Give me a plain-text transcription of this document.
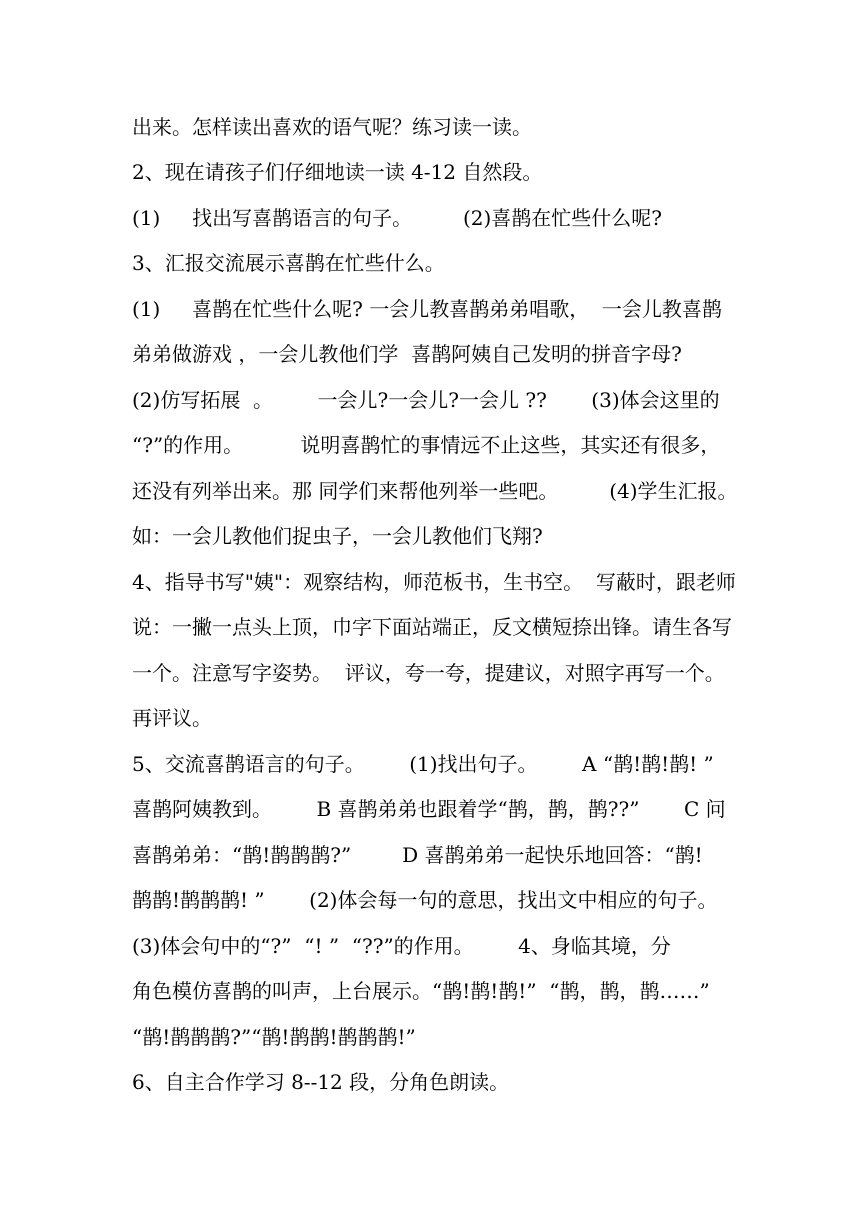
出来。怎样读出喜欢的语气呢？练习读一读。
2、现在请孩子们仔细地读一读 4-12 自然段。
(1)     找出写喜鹊语言的句子。        (2)喜鹊在忙些什么呢?
3、汇报交流展示喜鹊在忙些什么。
(1)     喜鹊在忙些什么呢? 一会儿教喜鹊弟弟唱歌，  一会儿教喜鹊
弟弟做游戏 ，一会儿教他们学  喜鹊阿姨自己发明的拼音字母?
(2)仿写拓展  。       一会儿?一会儿?一会儿 ??       (3)体会这里的
“?”的作用。         说明喜鹊忙的事情远不止这些，其实还有很多，
还没有列举出来。那 同学们来帮他列举一些吧。        (4)学生汇报。
如：一会儿教他们捉虫子，一会儿教他们飞翔?
4、指导书写"姨"：观察结构，师范板书，生书空。  写蔽时，跟老师
说：一撇一点头上顶，巾字下面站端正，反文横短捺出锋。请生各写
一个。注意写字姿势。  评议，夸一夸，提建议，对照字再写一个。
再评议。
5、交流喜鹊语言的句子。       (1)找出句子。       A “鹊!鹊!鹊! ”
喜鹊阿姨教到。       B 喜鹊弟弟也跟着学“鹊，鹊，鹊??”       C 问
喜鹊弟弟：“鹊!鹊鹊鹊?”        D 喜鹊弟弟一起快乐地回答：“鹊!
鹊鹊!鹊鹊鹊! ”       (2)体会每一句的意思，找出文中相应的句子。
(3)体会句中的“?”  “! ”  “??”的作用。       4、身临其境，分
角色模仿喜鹊的叫声，上台展示。“鹊!鹊!鹊!”  “鹊，鹊，鹊……”
“鹊!鹊鹊鹊?”“鹊!鹊鹊!鹊鹊鹊!”
6、自主合作学习 8--12 段，分角色朗读。
